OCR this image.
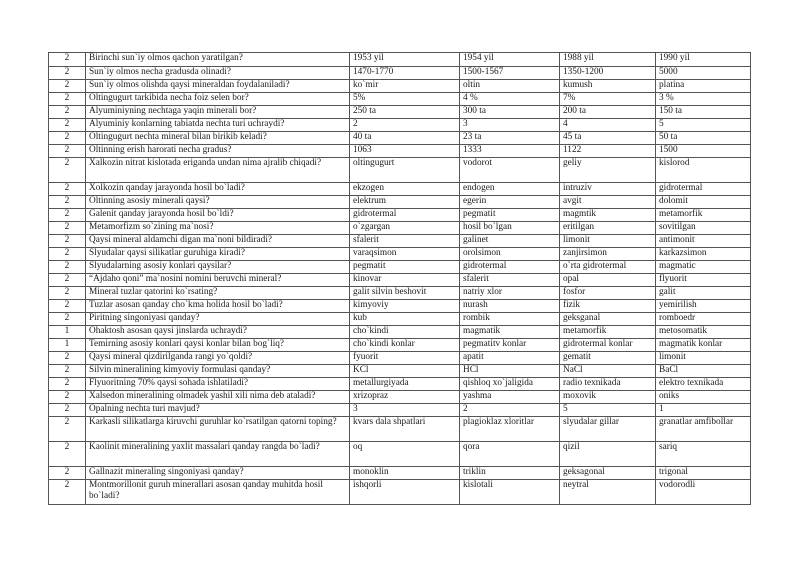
2	Birinchi sun`iy olmos qachon yaratilgan?	1953 yil	1954 yil	1988 yil	1990 yil
2	Sun`iy olmos necha gradusda olinadi?	1470-1770	1500-1567	1350-1200	5000
2	Sun`iy olmos olishda qaysi mineraldan foydalaniladi?	ko`mir	oltin	kumush	platina
2	Oltingugurt tarkibida necha foiz selen bor?	5%	4 %	7%	3 %
2	Alyuminiyning nechtaga yaqin minerali bor?	250 ta	300 ta	200 ta	150 ta
2	Alyuminiy konlarning tabiatda nechta turi uchraydi?	2	3	4	5
2	Oltingugurt nechta mineral bilan birikib keladi?	40 ta	23 ta	45 ta	50 ta
2	Oltinning erish harorati necha gradus?	1063	1333	1122	1500
2	Xalkozin nitrat kislotada eriganda undan nima ajralib chiqadi?	oltingugurt	vodorot	geliy	kislorod
2	Xolkozin qanday jarayonda hosil bo`ladi?	ekzogen	endogen	intruziv	gidrotermal
2	Oltinning asosiy minerali qaysi?	elektrum	egerin	avgit	dolomit
2	Galenit qanday jarayonda hosil bo`ldi?	gidrotermal	pegmatit	magmtik	metamorfik
2	Metamorfizm so`zining ma`nosi?	o`zgargan	hosil bo`lgan	eritilgan	sovitilgan
2	Qaysi mineral aldamchi digan ma`noni bildiradi?	sfalerit	galinet	limonit	antimonit
2	Slyudalar qaysi silikatlar guruhiga kiradi?	varaqsimon	orolsimon	zanjirsimon	karkazsimon
2	Slyudalarning asosiy konlari qaysilar?	pegmatit	gidrotermal	o`rta gidrotermal	magmatic
2	“Ajdaho qoni” ma`nosini nomini beruvchi mineral?	kinovar	sfalerit	opal	flyuorit
2	Mineral tuzlar qatorini ko`rsating?	galit silvin beshovit	natriy xlor	fosfor	galit
2	Tuzlar asosan qanday cho`kma holida hosil bo`ladi?	kimyoviy	nurash	fizik	yemirilish
2	Piritning singoniyasi qanday?	kub	rombik	geksganal	romboedr
1	Ohaktosh asosan qaysi jinslarda uchraydi?	cho`kindi	magmatik	metamorfik	metosomatik
1	Temirning asosiy konlari qaysi konlar bilan bog`liq?	cho`kindi konlar	pegmatitv konlar	gidrotermal konlar	magmatik konlar
2	Qaysi mineral qizdirilganda rangi yo`qoldi?	fyuorit	apatit	gematit	limonit
2	Silvin mineralining kimyoviy formulasi qanday?	KCl	HCl	NaCl	BaCl
2	Flyuoritning 70% qaysi sohada ishlatiladi?	metallurgiyada	qishloq xo`jaligida	radio texnikada	elektro texnikada
2	Xalsedon mineralining olmadek yashil xili nima deb ataladi?	xrizopraz	yashma	moxovik	oniks
2	Opalning nechta turi mavjud?	3	2	5	1
2	Karkasli silikatlarga kiruvchi guruhlar ko`rsatilgan qatorni toping?	kvars dala shpatlari	plagioklaz xloritlar	slyudalar gillar	granatlar amfibollar
2	Kaolinit mineralining yaxlit massalari qanday rangda bo`ladi?	oq	qora	qizil	sariq
2	Gallnazit mineraling singoniyasi qanday?	monoklin	triklin	geksagonal	trigonal
2	Montmorillonit guruh minerallari asosan qanday muhitda hosil bo`ladi?	ishqorli	kislotali	neytral	vodorodli
